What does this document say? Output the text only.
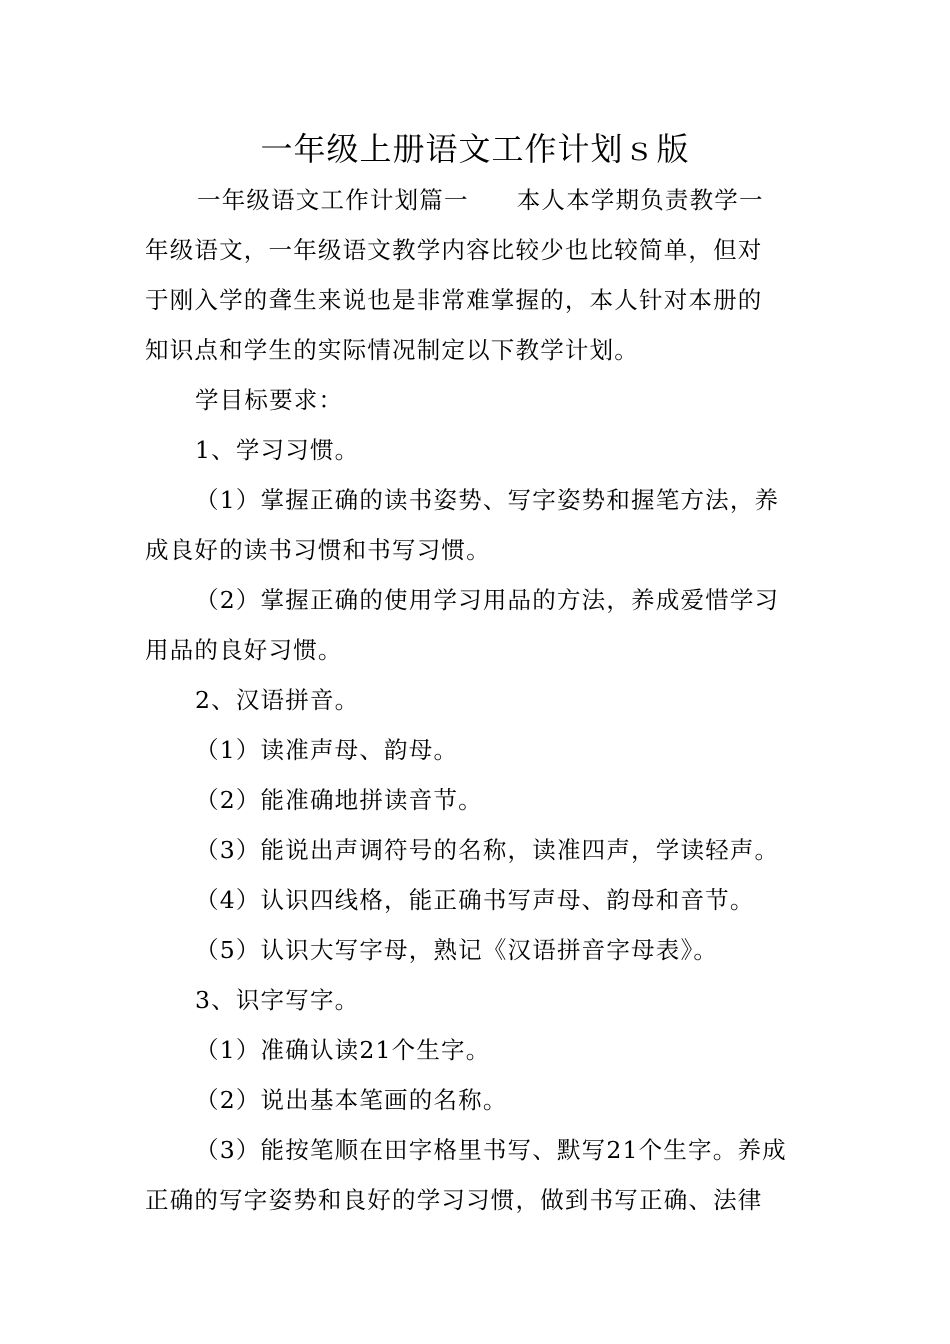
一年级上册语文工作计划ｓ版
一年级语文工作计划篇一 本人本学期负责教学一
年级语文，一年级语文教学内容比较少也比较简单，但对
于刚入学的聋生来说也是非常难掌握的，本人针对本册的
知识点和学生的实际情况制定以下教学计划。
学目标要求：
1、学习习惯。
（1）掌握正确的读书姿势、写字姿势和握笔方法，养
成良好的读书习惯和书写习惯。
（2）掌握正确的使用学习用品的方法，养成爱惜学习
用品的良好习惯。
2、汉语拼音。
（1）读准声母、韵母。
（2）能准确地拼读音节。
（3）能说出声调符号的名称，读准四声，学读轻声。
（4）认识四线格，能正确书写声母、韵母和音节。
（5）认识大写字母，熟记《汉语拼音字母表》。
3、识字写字。
（1）准确认读21个生字。
（2）说出基本笔画的名称。
（3）能按笔顺在田字格里书写、默写21个生字。养成
正确的写字姿势和良好的学习习惯，做到书写正确、法律
